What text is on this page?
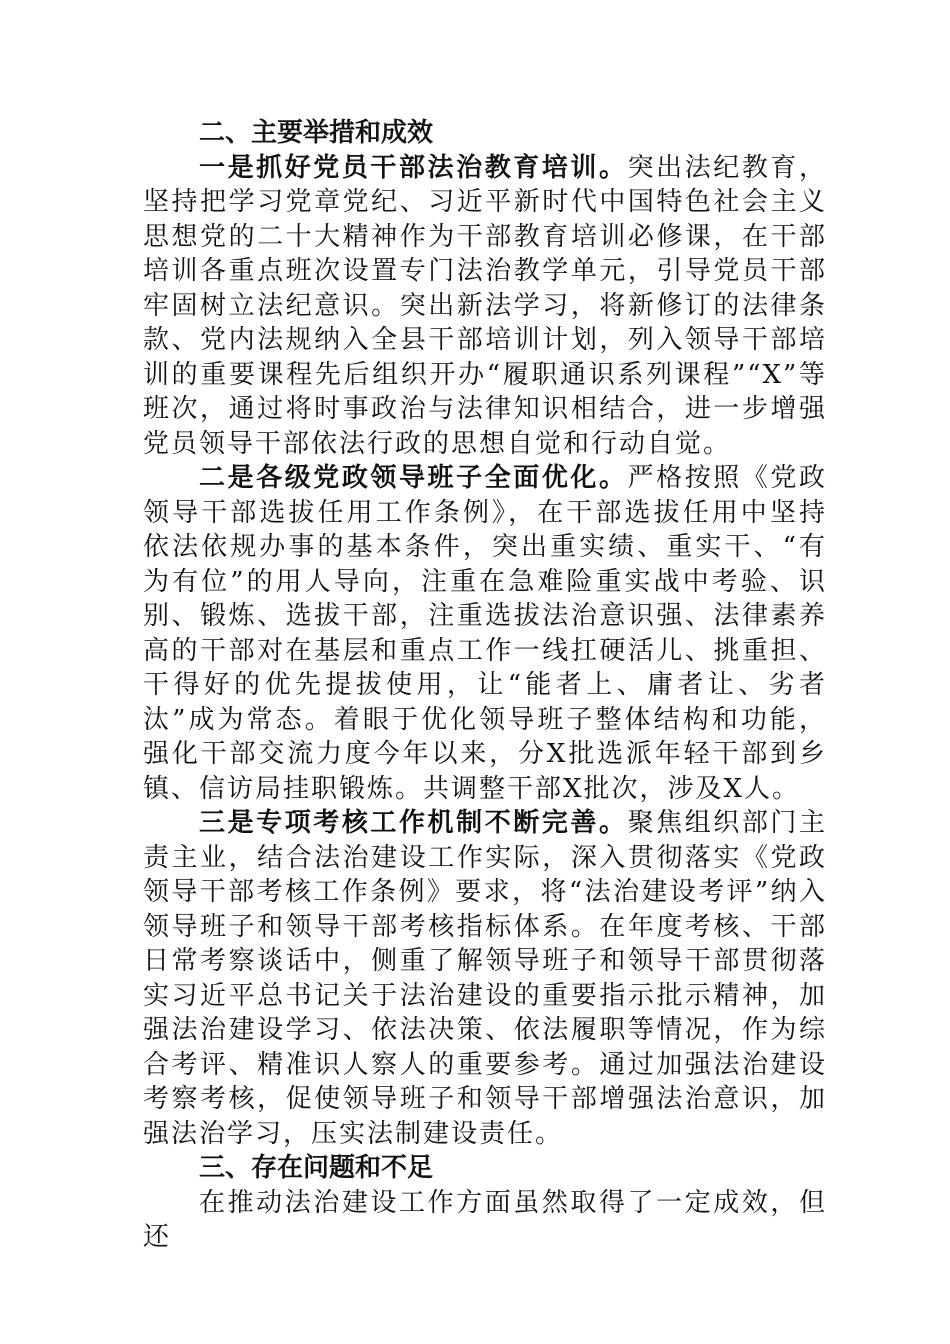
二、主要举措和成效

一是抓好党员干部法治教育培训。突出法纪教育，坚持把学习党章党纪、习近平新时代中国特色社会主义思想党的二十大精神作为干部教育培训必修课，在干部培训各重点班次设置专门法治教学单元，引导党员干部牢固树立法纪意识。突出新法学习，将新修订的法律条款、党内法规纳入全县干部培训计划，列入领导干部培训的重要课程先后组织开办“履职通识系列课程”“X”等班次，通过将时事政治与法律知识相结合，进一步增强党员领导干部依法行政的思想自觉和行动自觉。

二是各级党政领导班子全面优化。严格按照《党政领导干部选拔任用工作条例》，在干部选拔任用中坚持依法依规办事的基本条件，突出重实绩、重实干、“有为有位”的用人导向，注重在急难险重实战中考验、识别、锻炼、选拔干部，注重选拔法治意识强、法律素养高的干部对在基层和重点工作一线扛硬活儿、挑重担、干得好的优先提拔使用，让“能者上、庸者让、劣者汰”成为常态。着眼于优化领导班子整体结构和功能，强化干部交流力度今年以来，分X批选派年轻干部到乡镇、信访局挂职锻炼。共调整干部X批次，涉及X人。

三是专项考核工作机制不断完善。聚焦组织部门主责主业，结合法治建设工作实际，深入贯彻落实《党政领导干部考核工作条例》要求，将“法治建设考评”纳入领导班子和领导干部考核指标体系。在年度考核、干部日常考察谈话中，侧重了解领导班子和领导干部贯彻落实习近平总书记关于法治建设的重要指示批示精神，加强法治建设学习、依法决策、依法履职等情况，作为综合考评、精准识人察人的重要参考。通过加强法治建设考察考核，促使领导班子和领导干部增强法治意识，加强法治学习，压实法制建设责任。

三、存在问题和不足

在推动法治建设工作方面虽然取得了一定成效，但还
